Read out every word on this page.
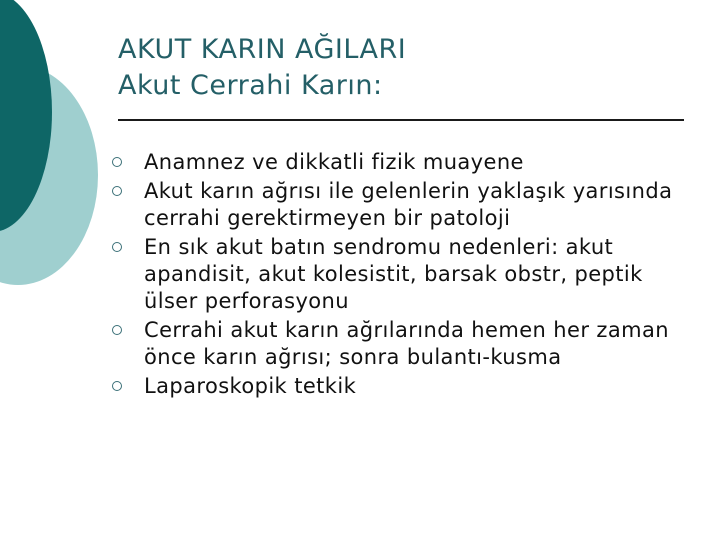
AKUT KARIN AĞILARI
Akut Cerrahi Karın:
Anamnez ve dikkatli fizik muayene
Akut karın ağrısı ile gelenlerin yaklaşık yarısında cerrahi gerektirmeyen bir patoloji
En sık akut batın sendromu nedenleri: akut apandisit, akut kolesistit, barsak obstr, peptik ülser perforasyonu
Cerrahi akut karın ağrılarında hemen her zaman önce karın ağrısı; sonra bulantı-kusma
Laparoskopik tetkik
